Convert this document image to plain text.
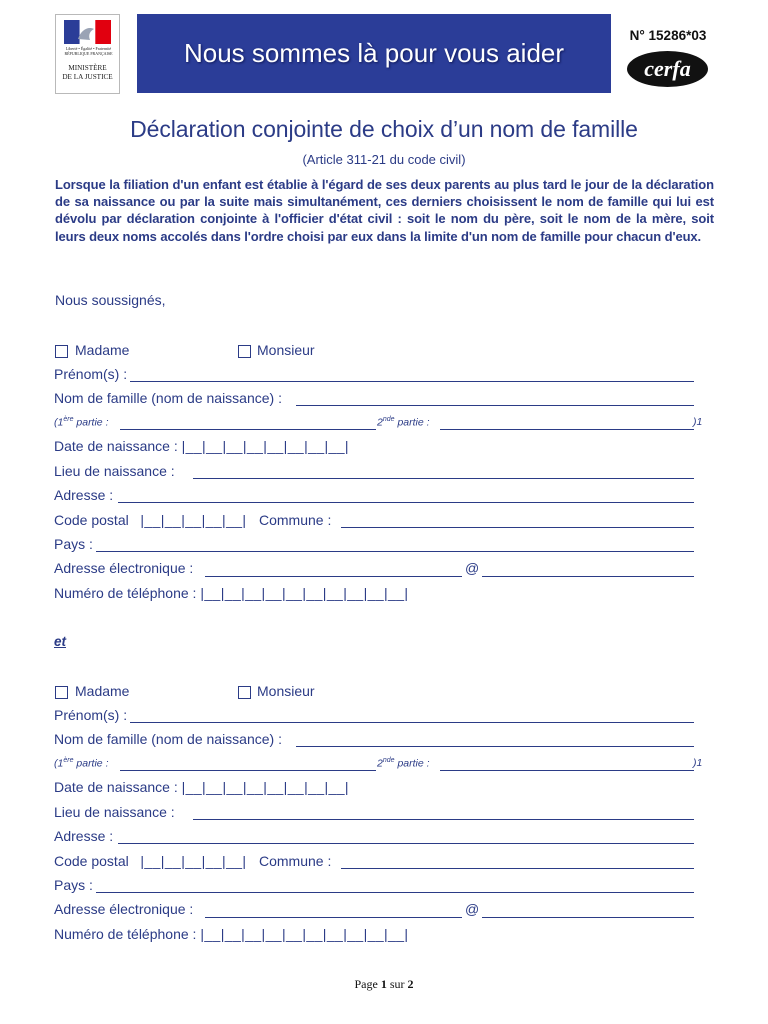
Liberté • Égalité • Fraternité RÉPUBLIQUE FRANÇAISE
MINISTÈRE
DE LA JUSTICE
Nous sommes là pour vous aider
N° 15286*03
cerfa
Déclaration conjointe de choix d’un nom de famille
(Article 311-21 du code civil)
Lorsque la filiation d'un enfant est établie à l'égard de ses deux parents au plus tard le jour de la déclaration de sa naissance ou par la suite mais simultanément, ces derniers choisissent le nom de famille qui lui est dévolu par déclaration conjointe à l'officier d'état civil : soit le nom du père, soit le nom de la mère, soit leurs deux noms accolés dans l'ordre choisi par eux dans la limite d'un nom de famille pour chacun d'eux.
Nous soussignés,
Madame	Monsieur
Prénom(s) :
Nom de famille (nom de naissance) :
(1ère partie :	2nde partie :	)1
Date de naissance : |__|__|__|__|__|__|__|__|
Lieu de naissance :
Adresse :
Code postal |__|__|__|__|__| Commune :
Pays :
Adresse électronique :	@
Numéro de téléphone : |__|__|__|__|__|__|__|__|__|__|
et
Madame	Monsieur
Prénom(s) :
Nom de famille (nom de naissance) :
(1ère partie :	2nde partie :	)1
Date de naissance : |__|__|__|__|__|__|__|__|
Lieu de naissance :
Adresse :
Code postal |__|__|__|__|__| Commune :
Pays :
Adresse électronique :	@
Numéro de téléphone : |__|__|__|__|__|__|__|__|__|__|
Page 1 sur 2
